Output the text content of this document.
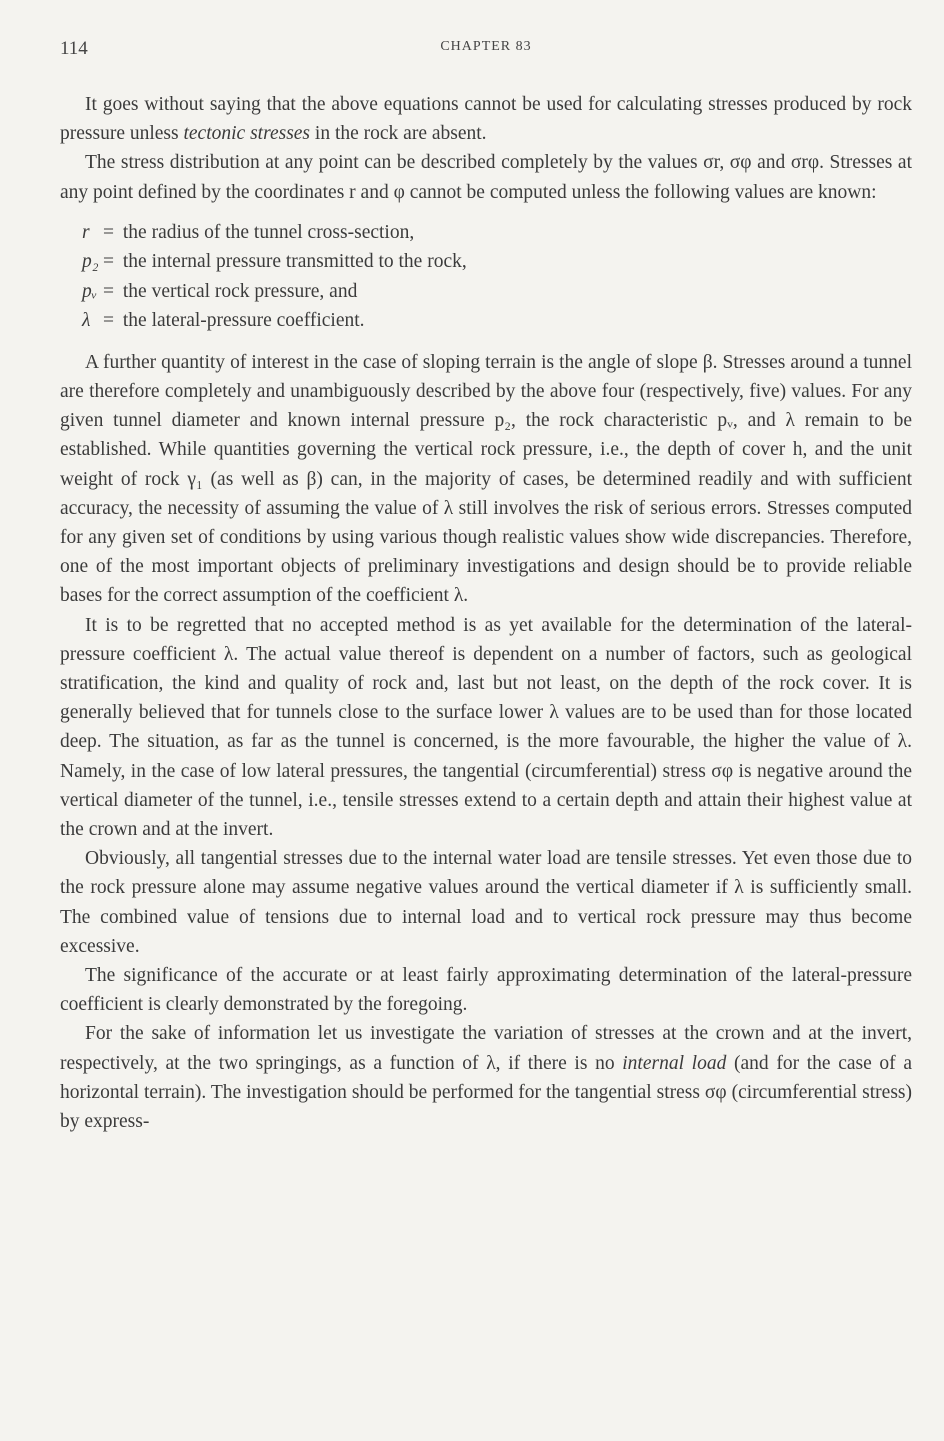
114	CHAPTER 83

It goes without saying that the above equations cannot be used for calculating stresses produced by rock pressure unless tectonic stresses in the rock are absent.

The stress distribution at any point can be described completely by the values σr, σφ and σrφ. Stresses at any point defined by the coordinates r and φ cannot be computed unless the following values are known:

r = the radius of the tunnel cross-section,
p₂ = the internal pressure transmitted to the rock,
pᵥ = the vertical rock pressure, and
λ = the lateral-pressure coefficient.

A further quantity of interest in the case of sloping terrain is the angle of slope β. Stresses around a tunnel are therefore completely and unambiguously described by the above four (respectively, five) values. For any given tunnel diameter and known internal pressure p₂, the rock characteristic pᵥ, and λ remain to be established. While quantities governing the vertical rock pressure, i.e., the depth of cover h, and the unit weight of rock γ₁ (as well as β) can, in the majority of cases, be determined readily and with sufficient accuracy, the necessity of assuming the value of λ still involves the risk of serious errors. Stresses computed for any given set of conditions by using various though realistic values show wide discrepancies. Therefore, one of the most important objects of preliminary investigations and design should be to provide reliable bases for the correct assumption of the coefficient λ.

It is to be regretted that no accepted method is as yet available for the determination of the lateral-pressure coefficient λ. The actual value thereof is dependent on a number of factors, such as geological stratification, the kind and quality of rock and, last but not least, on the depth of the rock cover. It is generally believed that for tunnels close to the surface lower λ values are to be used than for those located deep. The situation, as far as the tunnel is concerned, is the more favourable, the higher the value of λ. Namely, in the case of low lateral pressures, the tangential (circumferential) stress σφ is negative around the vertical diameter of the tunnel, i.e., tensile stresses extend to a certain depth and attain their highest value at the crown and at the invert.

Obviously, all tangential stresses due to the internal water load are tensile stresses. Yet even those due to the rock pressure alone may assume negative values around the vertical diameter if λ is sufficiently small. The combined value of tensions due to internal load and to vertical rock pressure may thus become excessive.

The significance of the accurate or at least fairly approximating determination of the lateral-pressure coefficient is clearly demonstrated by the foregoing.

For the sake of information let us investigate the variation of stresses at the crown and at the invert, respectively, at the two springings, as a function of λ, if there is no internal load (and for the case of a horizontal terrain). The investigation should be performed for the tangential stress σφ (circumferential stress) by express-
